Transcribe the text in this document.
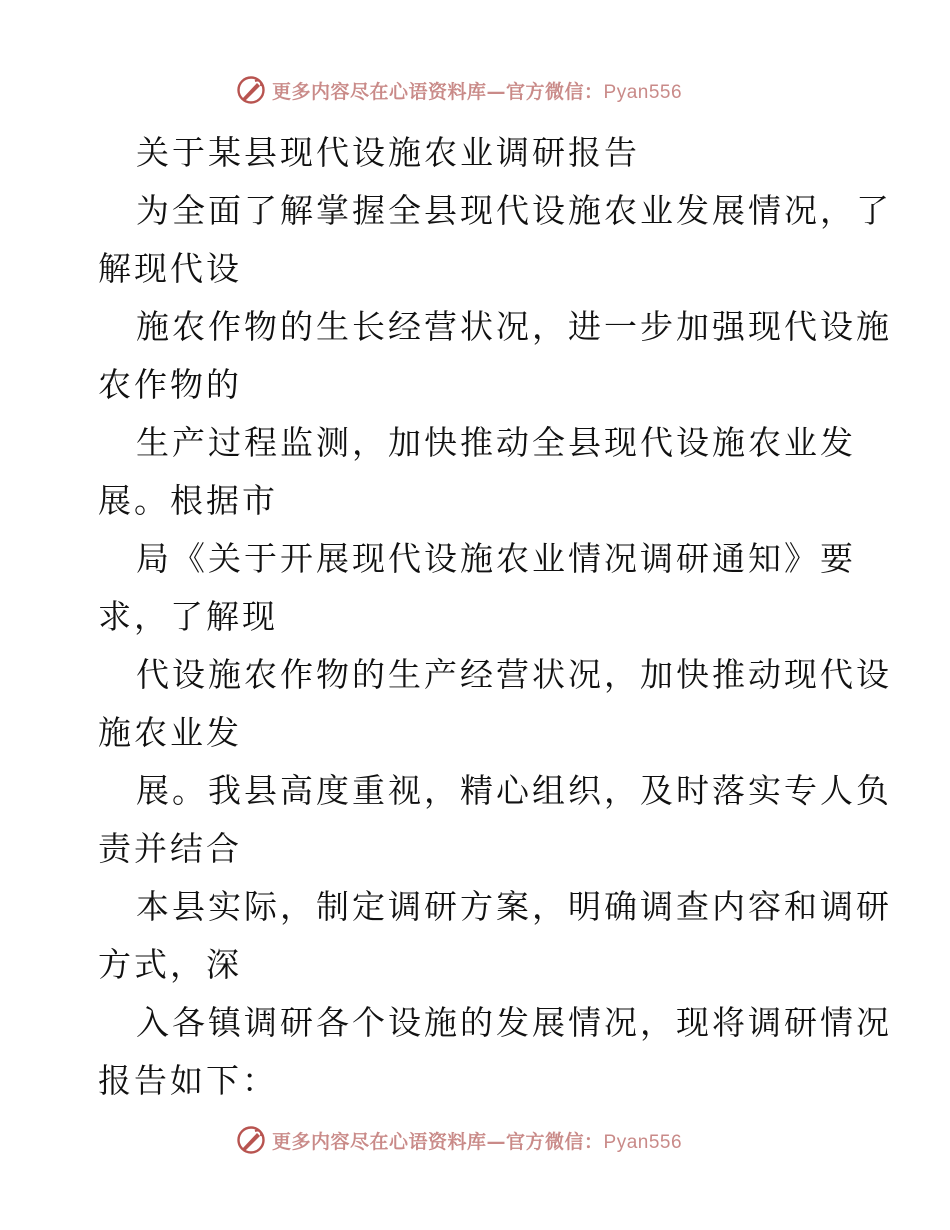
更多内容尽在心语资料库—官方微信：Pyan556
关于某县现代设施农业调研报告
为全面了解掌握全县现代设施农业发展情况，了
解现代设
施农作物的生长经营状况，进一步加强现代设施
农作物的
生产过程监测，加快推动全县现代设施农业发
展。根据市
局《关于开展现代设施农业情况调研通知》要
求，了解现
代设施农作物的生产经营状况，加快推动现代设
施农业发
展。我县高度重视，精心组织，及时落实专人负
责并结合
本县实际，制定调研方案，明确调查内容和调研
方式，深
入各镇调研各个设施的发展情况，现将调研情况
报告如下：
更多内容尽在心语资料库—官方微信：Pyan556
